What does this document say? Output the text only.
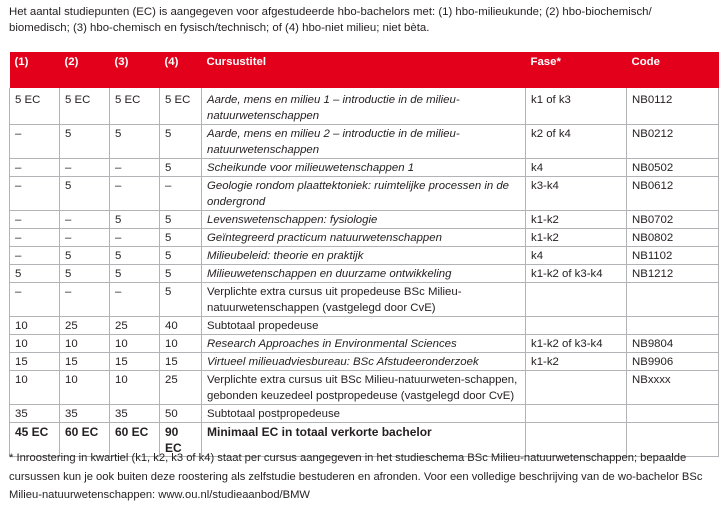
Het aantal studiepunten (EC) is aangegeven voor afgestudeerde hbo-bachelors met: (1) hbo-milieukunde; (2) hbo-biochemisch/ biomedisch; (3) hbo-chemisch en fysisch/technisch; of (4) hbo-niet milieu; niet bèta.
(1)	(2)	(3)	(4)	Cursustitel	Fase*	Code
5 EC	5 EC	5 EC	5 EC	Aarde, mens en milieu 1 – introductie in de milieu-natuurwetenschappen	k1 of k3	NB0112
–	5	5	5	Aarde, mens en milieu 2 – introductie in de milieu-natuurwetenschappen	k2 of k4	NB0212
–	–	–	5	Scheikunde voor milieuwetenschappen 1	k4	NB0502
–	5	–	–	Geologie rondom plaattektoniek: ruimtelijke processen in de ondergrond	k3-k4	NB0612
–	–	5	5	Levenswetenschappen: fysiologie	k1-k2	NB0702
–	–	–	5	Geïntegreerd practicum natuurwetenschappen	k1-k2	NB0802
–	5	5	5	Milieubeleid: theorie en praktijk	k4	NB1102
5	5	5	5	Milieuwetenschappen en duurzame ontwikkeling	k1-k2 of k3-k4	NB1212
–	–	–	5	Verplichte extra cursus uit propedeuse BSc Milieu-natuurwetenschappen (vastgelegd door CvE)		
10	25	25	40	Subtotaal propedeuse		
10	10	10	10	Research Approaches in Environmental Sciences	k1-k2 of k3-k4	NB9804
15	15	15	15	Virtueel milieuadviesbureau: BSc Afstudeeronderzoek	k1-k2	NB9906
10	10	10	25	Verplichte extra cursus uit BSc Milieu-natuurweten-schappen, gebonden keuzedeel postpropedeuse (vastgelegd door CvE)		NBxxxx
35	35	35	50	Subtotaal postpropedeuse		
45 EC	60 EC	60 EC	90 EC	Minimaal EC in totaal verkorte bachelor		
* Inroostering in kwartiel (k1, k2, k3 of k4) staat per cursus aangegeven in het studieschema BSc Milieu-natuurwetenschappen; bepaalde cursussen kun je ook buiten deze roostering als zelfstudie bestuderen en afronden. Voor een volledige beschrijving van de wo-bachelor BSc Milieu-natuurwetenschappen: www.ou.nl/studieaanbod/BMW
